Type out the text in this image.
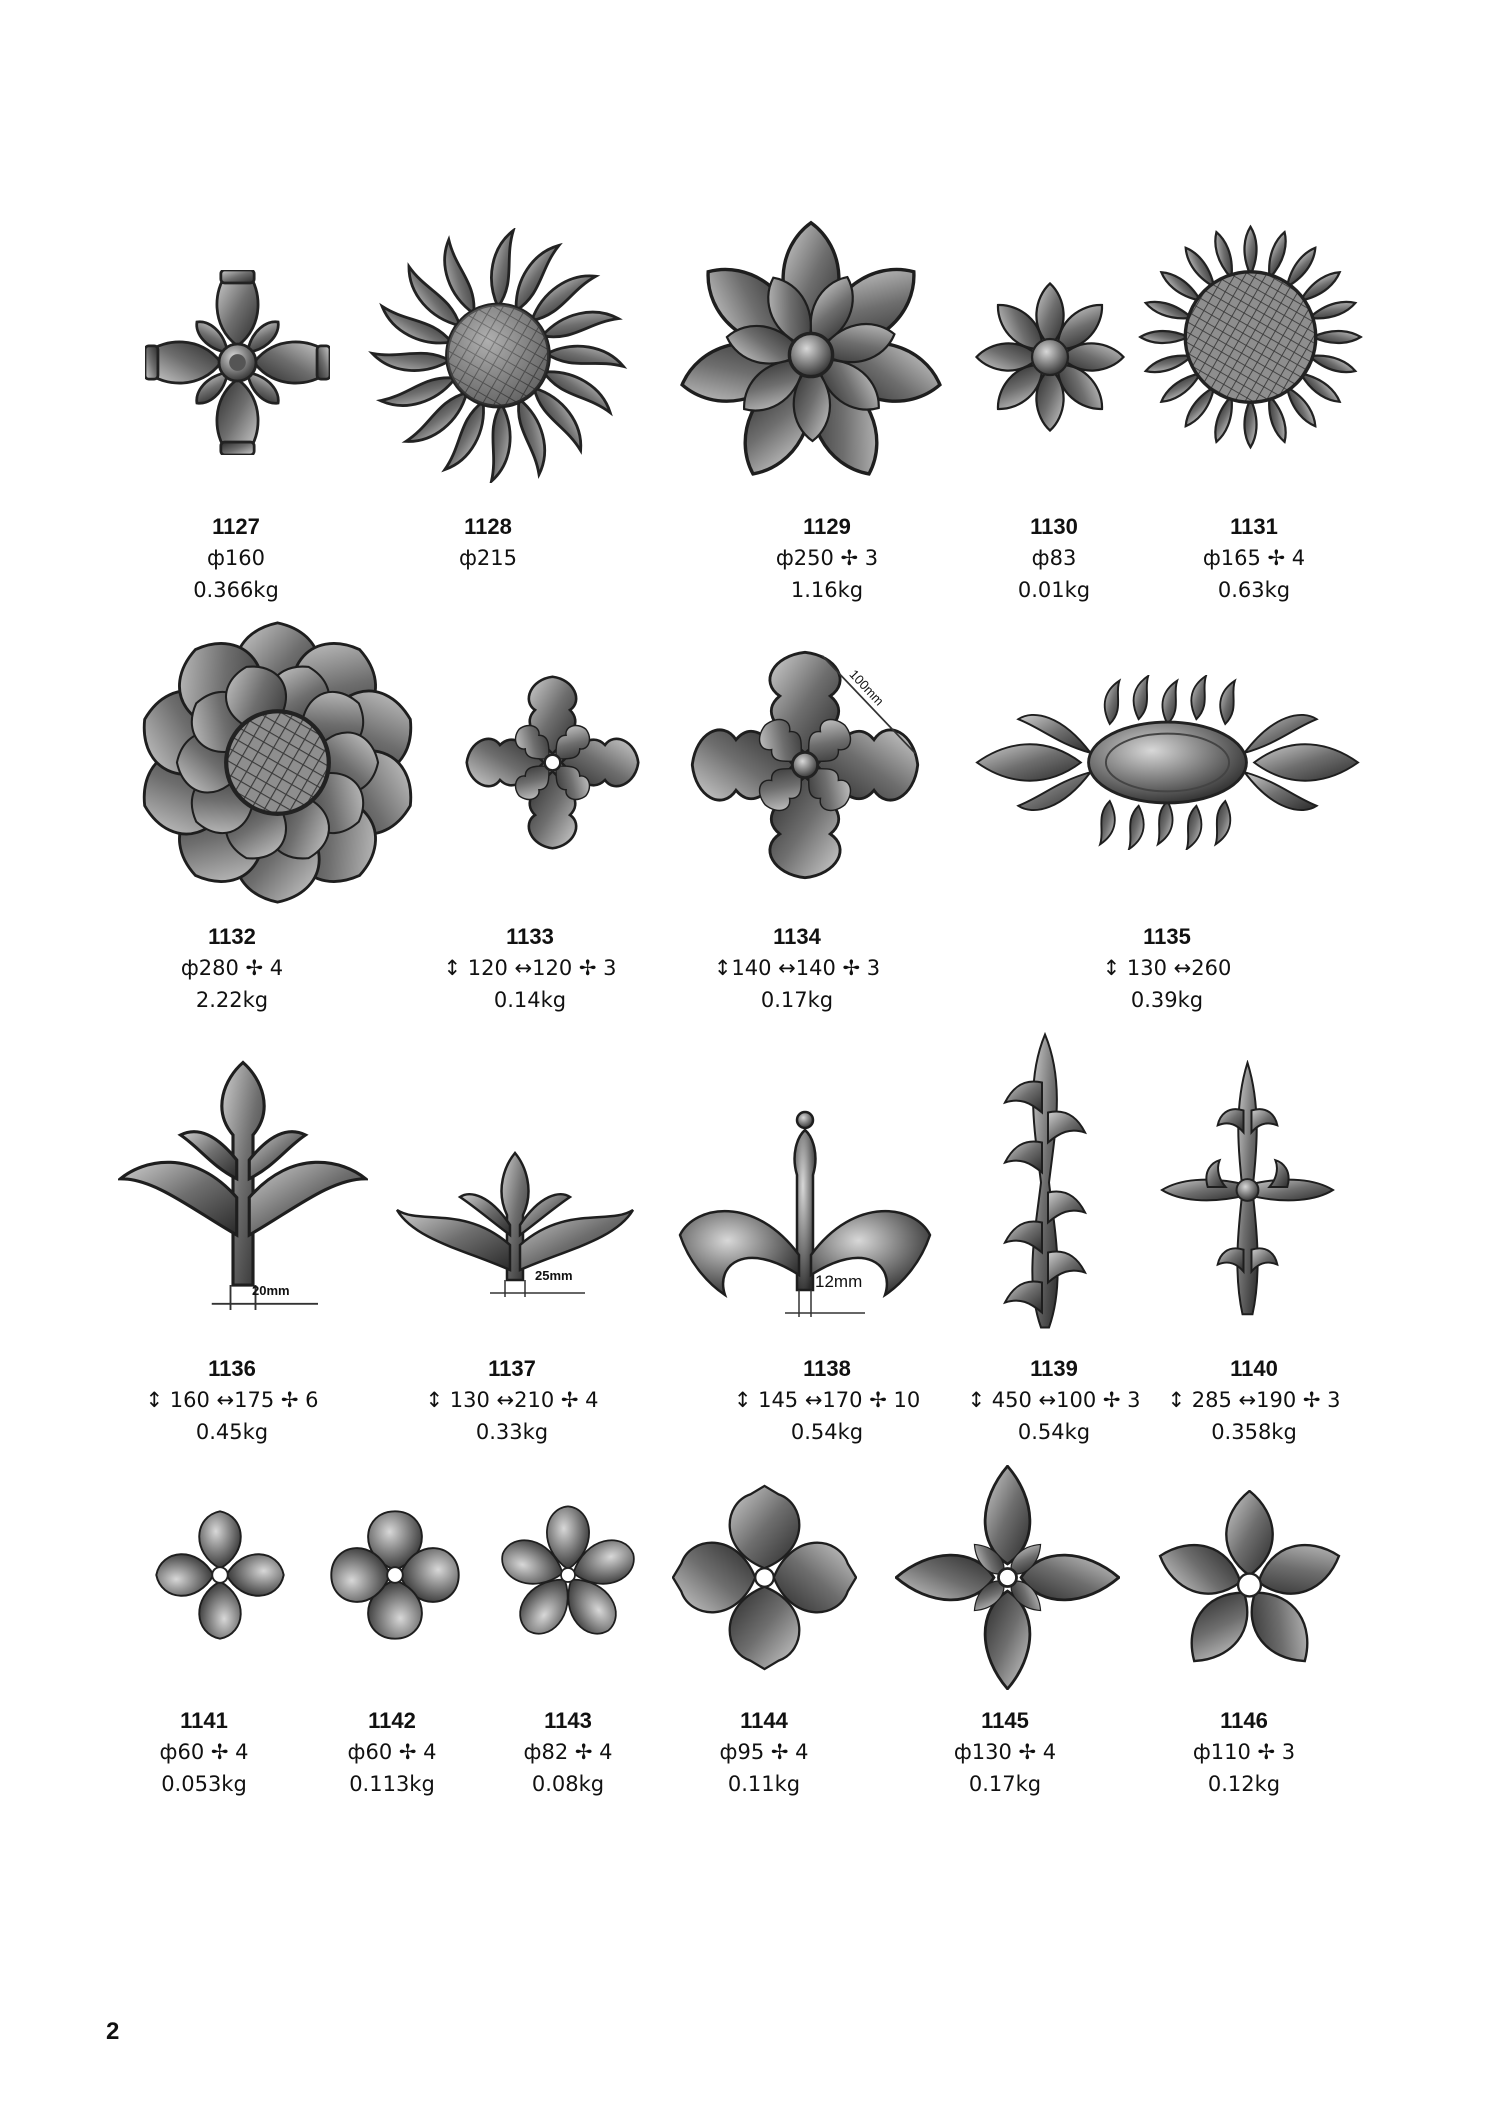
1127
ф160
0.366kg
1128
ф215
1129
ф250 ✢ 3
1.16kg
1130
ф83
0.01kg
1131
ф165 ✢ 4
0.63kg
1132
ф280 ✢ 4
2.22kg
1133
↕ 120 ↔120 ✢ 3
0.14kg
100mm
1134
↕140 ↔140 ✢ 3
0.17kg
1135
↕ 130 ↔260
0.39kg
20mm
1136
↕ 160 ↔175 ✢ 6
0.45kg
25mm
1137
↕ 130 ↔210 ✢ 4
0.33kg
12mm
1138
↕ 145 ↔170 ✢ 10
0.54kg
1139
↕ 450 ↔100 ✢ 3
0.54kg
1140
↕ 285 ↔190 ✢ 3
0.358kg
1141
ф60 ✢ 4
0.053kg
1142
ф60 ✢ 4
0.113kg
1143
ф82 ✢ 4
0.08kg
1144
ф95 ✢ 4
0.11kg
1145
ф130 ✢ 4
0.17kg
1146
ф110 ✢ 3
0.12kg
2
